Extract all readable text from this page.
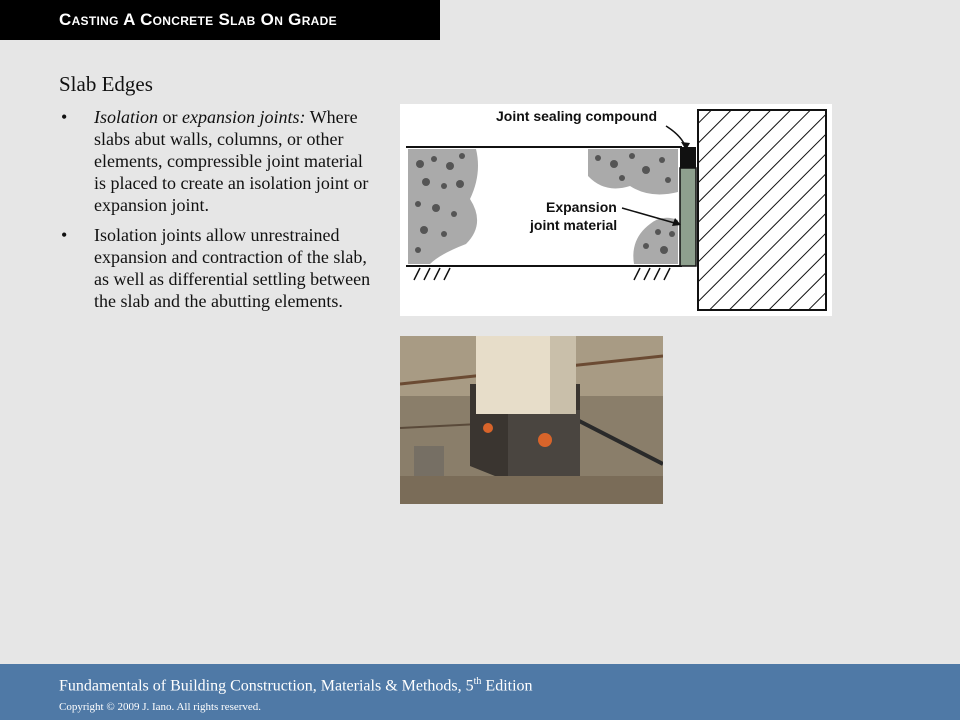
Casting A Concrete Slab On Grade
Slab Edges
• Isolation or expansion joints: Where slabs abut walls, columns, or other elements, compressible joint material is placed to create an isolation joint or expansion joint.
• Isolation joints allow unrestrained expansion and contraction of the slab, as well as differential settling between the slab and the abutting elements.
Joint sealing compound
Expansion
joint material
Fundamentals of Building Construction, Materials & Methods, 5th Edition
Copyright © 2009 J. Iano. All rights reserved.
